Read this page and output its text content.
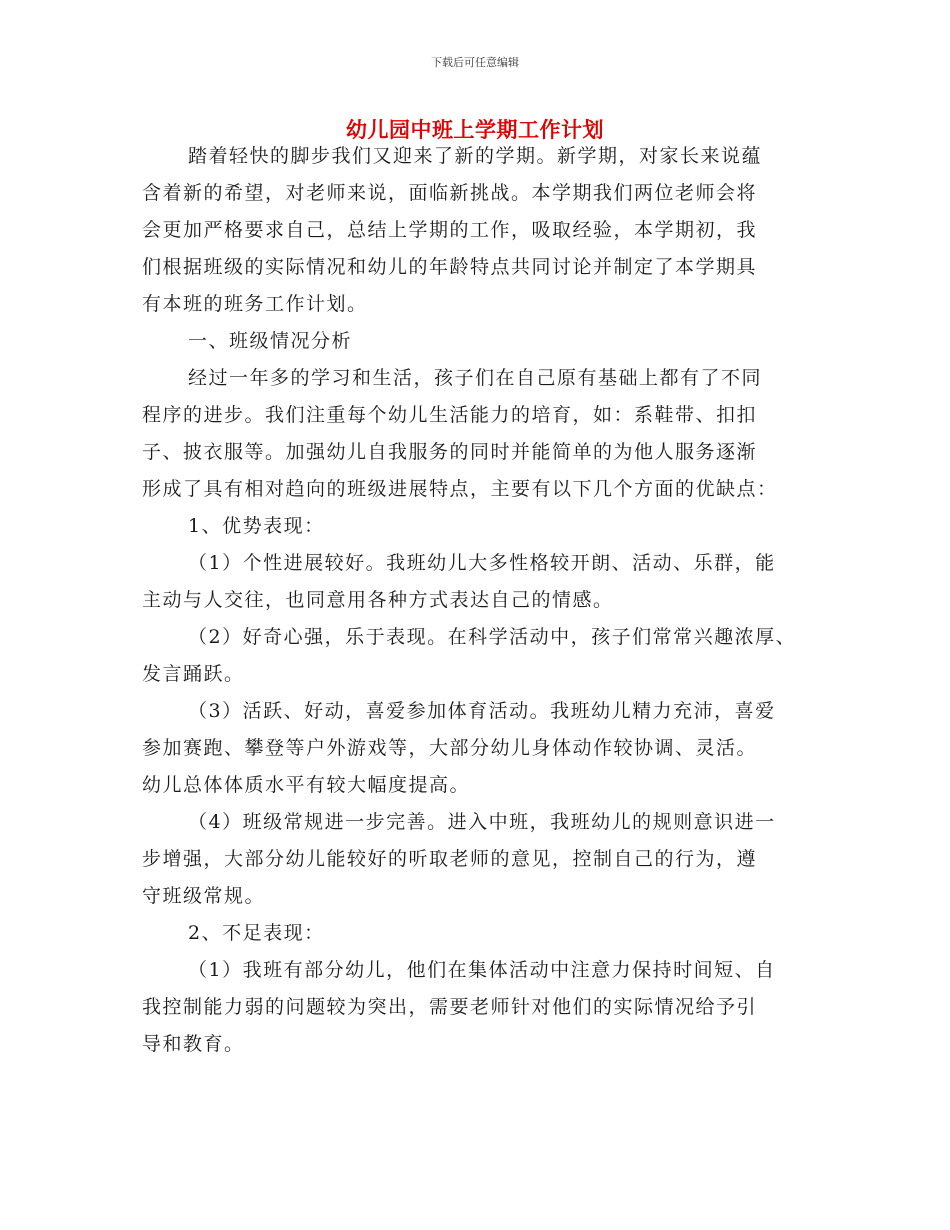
下载后可任意编辑
幼儿园中班上学期工作计划

踏着轻快的脚步我们又迎来了新的学期。新学期，对家长来说蕴
含着新的希望，对老师来说，面临新挑战。本学期我们两位老师会将
会更加严格要求自己，总结上学期的工作，吸取经验，本学期初，我
们根据班级的实际情况和幼儿的年龄特点共同讨论并制定了本学期具
有本班的班务工作计划。

一、班级情况分析

经过一年多的学习和生活，孩子们在自己原有基础上都有了不同
程序的进步。我们注重每个幼儿生活能力的培育，如：系鞋带、扣扣
子、披衣服等。加强幼儿自我服务的同时并能简单的为他人服务逐渐
形成了具有相对趋向的班级进展特点，主要有以下几个方面的优缺点：

1、优势表现：

（1）个性进展较好。我班幼儿大多性格较开朗、活动、乐群，能
主动与人交往，也同意用各种方式表达自己的情感。

（2）好奇心强，乐于表现。在科学活动中，孩子们常常兴趣浓厚、
发言踊跃。

（3）活跃、好动，喜爱参加体育活动。我班幼儿精力充沛，喜爱
参加赛跑、攀登等户外游戏等，大部分幼儿身体动作较协调、灵活。
幼儿总体体质水平有较大幅度提高。

（4）班级常规进一步完善。进入中班，我班幼儿的规则意识进一
步增强，大部分幼儿能较好的听取老师的意见，控制自己的行为，遵
守班级常规。

2、不足表现：

（1）我班有部分幼儿，他们在集体活动中注意力保持时间短、自
我控制能力弱的问题较为突出，需要老师针对他们的实际情况给予引
导和教育。
